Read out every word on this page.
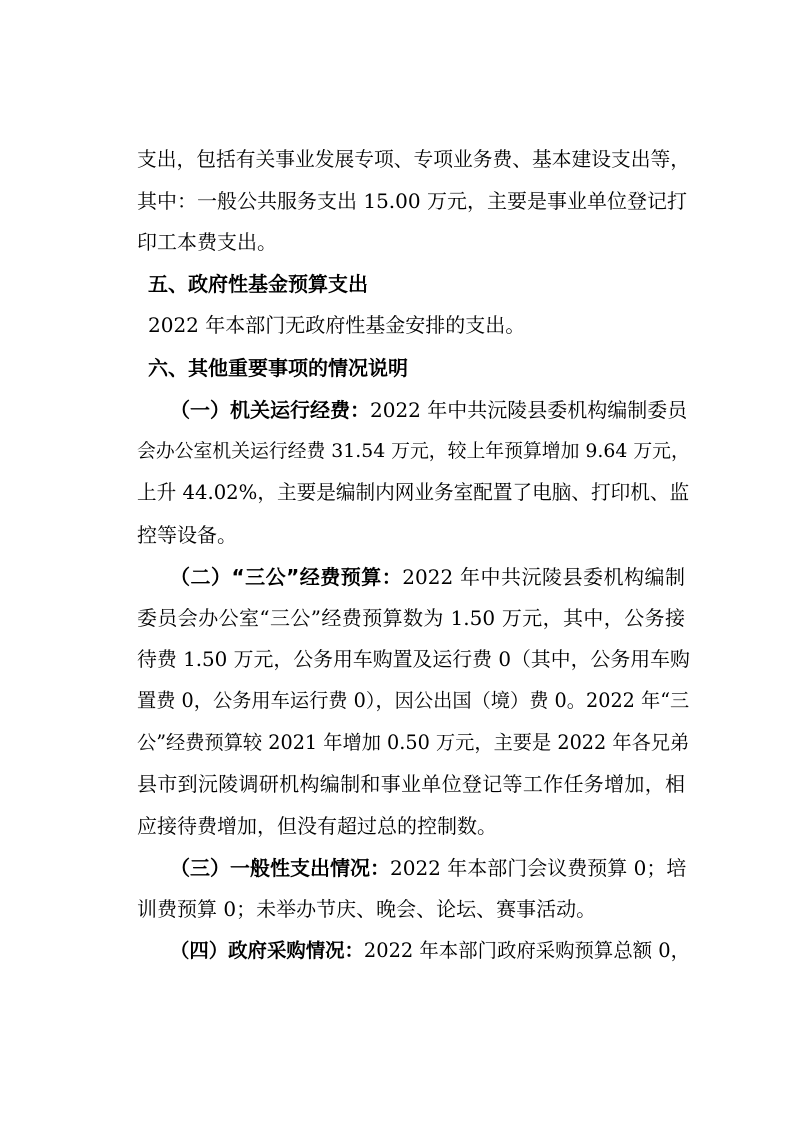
支出，包括有关事业发展专项、专项业务费、基本建设支出等，
其中：一般公共服务支出 15.00 万元，主要是事业单位登记打
印工本费支出。
五、政府性基金预算支出
2022 年本部门无政府性基金安排的支出。
六、其他重要事项的情况说明
（一）机关运行经费：2022 年中共沅陵县委机构编制委员
会办公室机关运行经费 31.54 万元，较上年预算增加 9.64 万元，
上升 44.02%，主要是编制内网业务室配置了电脑、打印机、监
控等设备。
（二）“三公”经费预算：2022 年中共沅陵县委机构编制
委员会办公室“三公”经费预算数为 1.50 万元，其中，公务接
待费 1.50 万元，公务用车购置及运行费 0（其中，公务用车购
置费 0，公务用车运行费 0），因公出国（境）费 0。2022 年“三
公”经费预算较 2021 年增加 0.50 万元，主要是 2022 年各兄弟
县市到沅陵调研机构编制和事业单位登记等工作任务增加，相
应接待费增加，但没有超过总的控制数。
（三）一般性支出情况：2022 年本部门会议费预算 0；培
训费预算 0；未举办节庆、晚会、论坛、赛事活动。
（四）政府采购情况：2022 年本部门政府采购预算总额 0，
